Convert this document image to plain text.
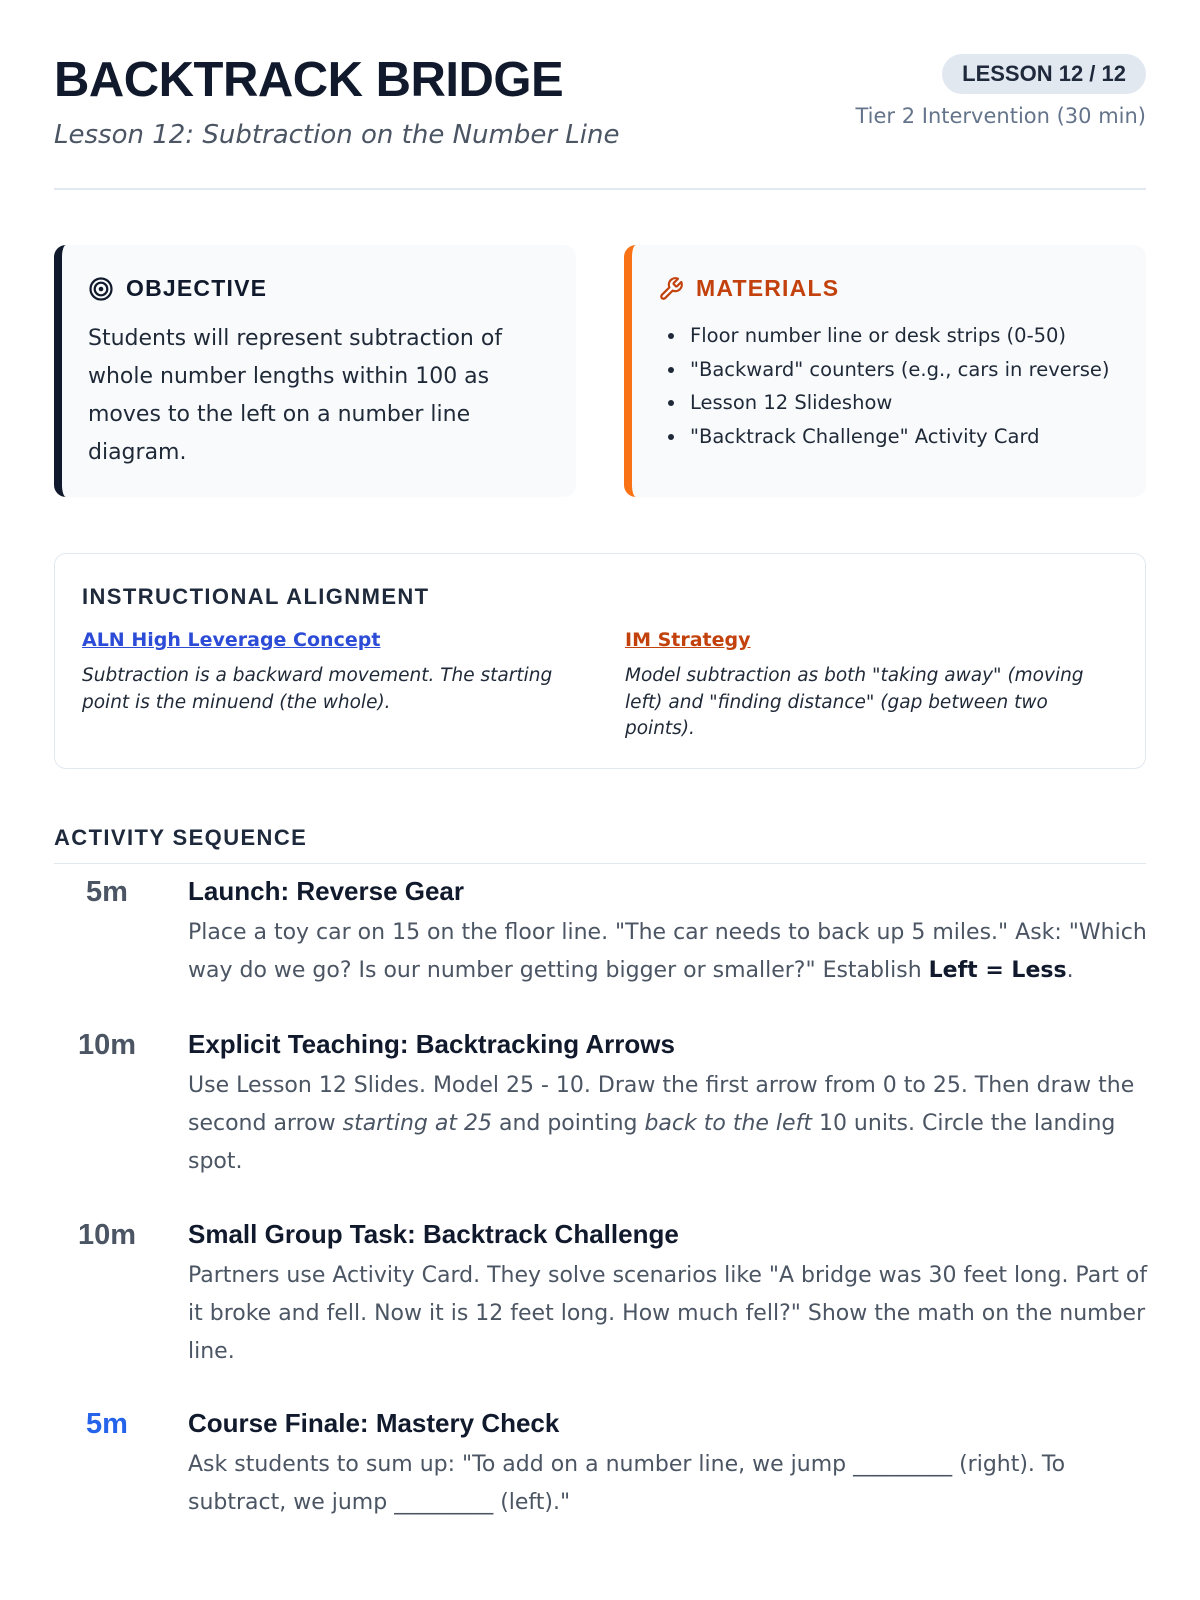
BACKTRACK BRIDGE
Lesson 12: Subtraction on the Number Line
LESSON 12 / 12
Tier 2 Intervention (30 min)
OBJECTIVE
Students will represent subtraction of whole number lengths within 100 as moves to the left on a number line diagram.
MATERIALS
Floor number line or desk strips (0-50)
"Backward" counters (e.g., cars in reverse)
Lesson 12 Slideshow
"Backtrack Challenge" Activity Card
INSTRUCTIONAL ALIGNMENT
ALN High Leverage Concept
Subtraction is a backward movement. The starting point is the minuend (the whole).
IM Strategy
Model subtraction as both "taking away" (moving left) and "finding distance" (gap between two points).
ACTIVITY SEQUENCE
5m	Launch: Reverse Gear
Place a toy car on 15 on the floor line. "The car needs to back up 5 miles." Ask: "Which way do we go? Is our number getting bigger or smaller?" Establish Left = Less.
10m	Explicit Teaching: Backtracking Arrows
Use Lesson 12 Slides. Model 25 - 10. Draw the first arrow from 0 to 25. Then draw the second arrow starting at 25 and pointing back to the left 10 units. Circle the landing spot.
10m	Small Group Task: Backtrack Challenge
Partners use Activity Card. They solve scenarios like "A bridge was 30 feet long. Part of it broke and fell. Now it is 12 feet long. How much fell?" Show the math on the number line.
5m	Course Finale: Mastery Check
Ask students to sum up: "To add on a number line, we jump _________ (right). To subtract, we jump _________ (left)."
